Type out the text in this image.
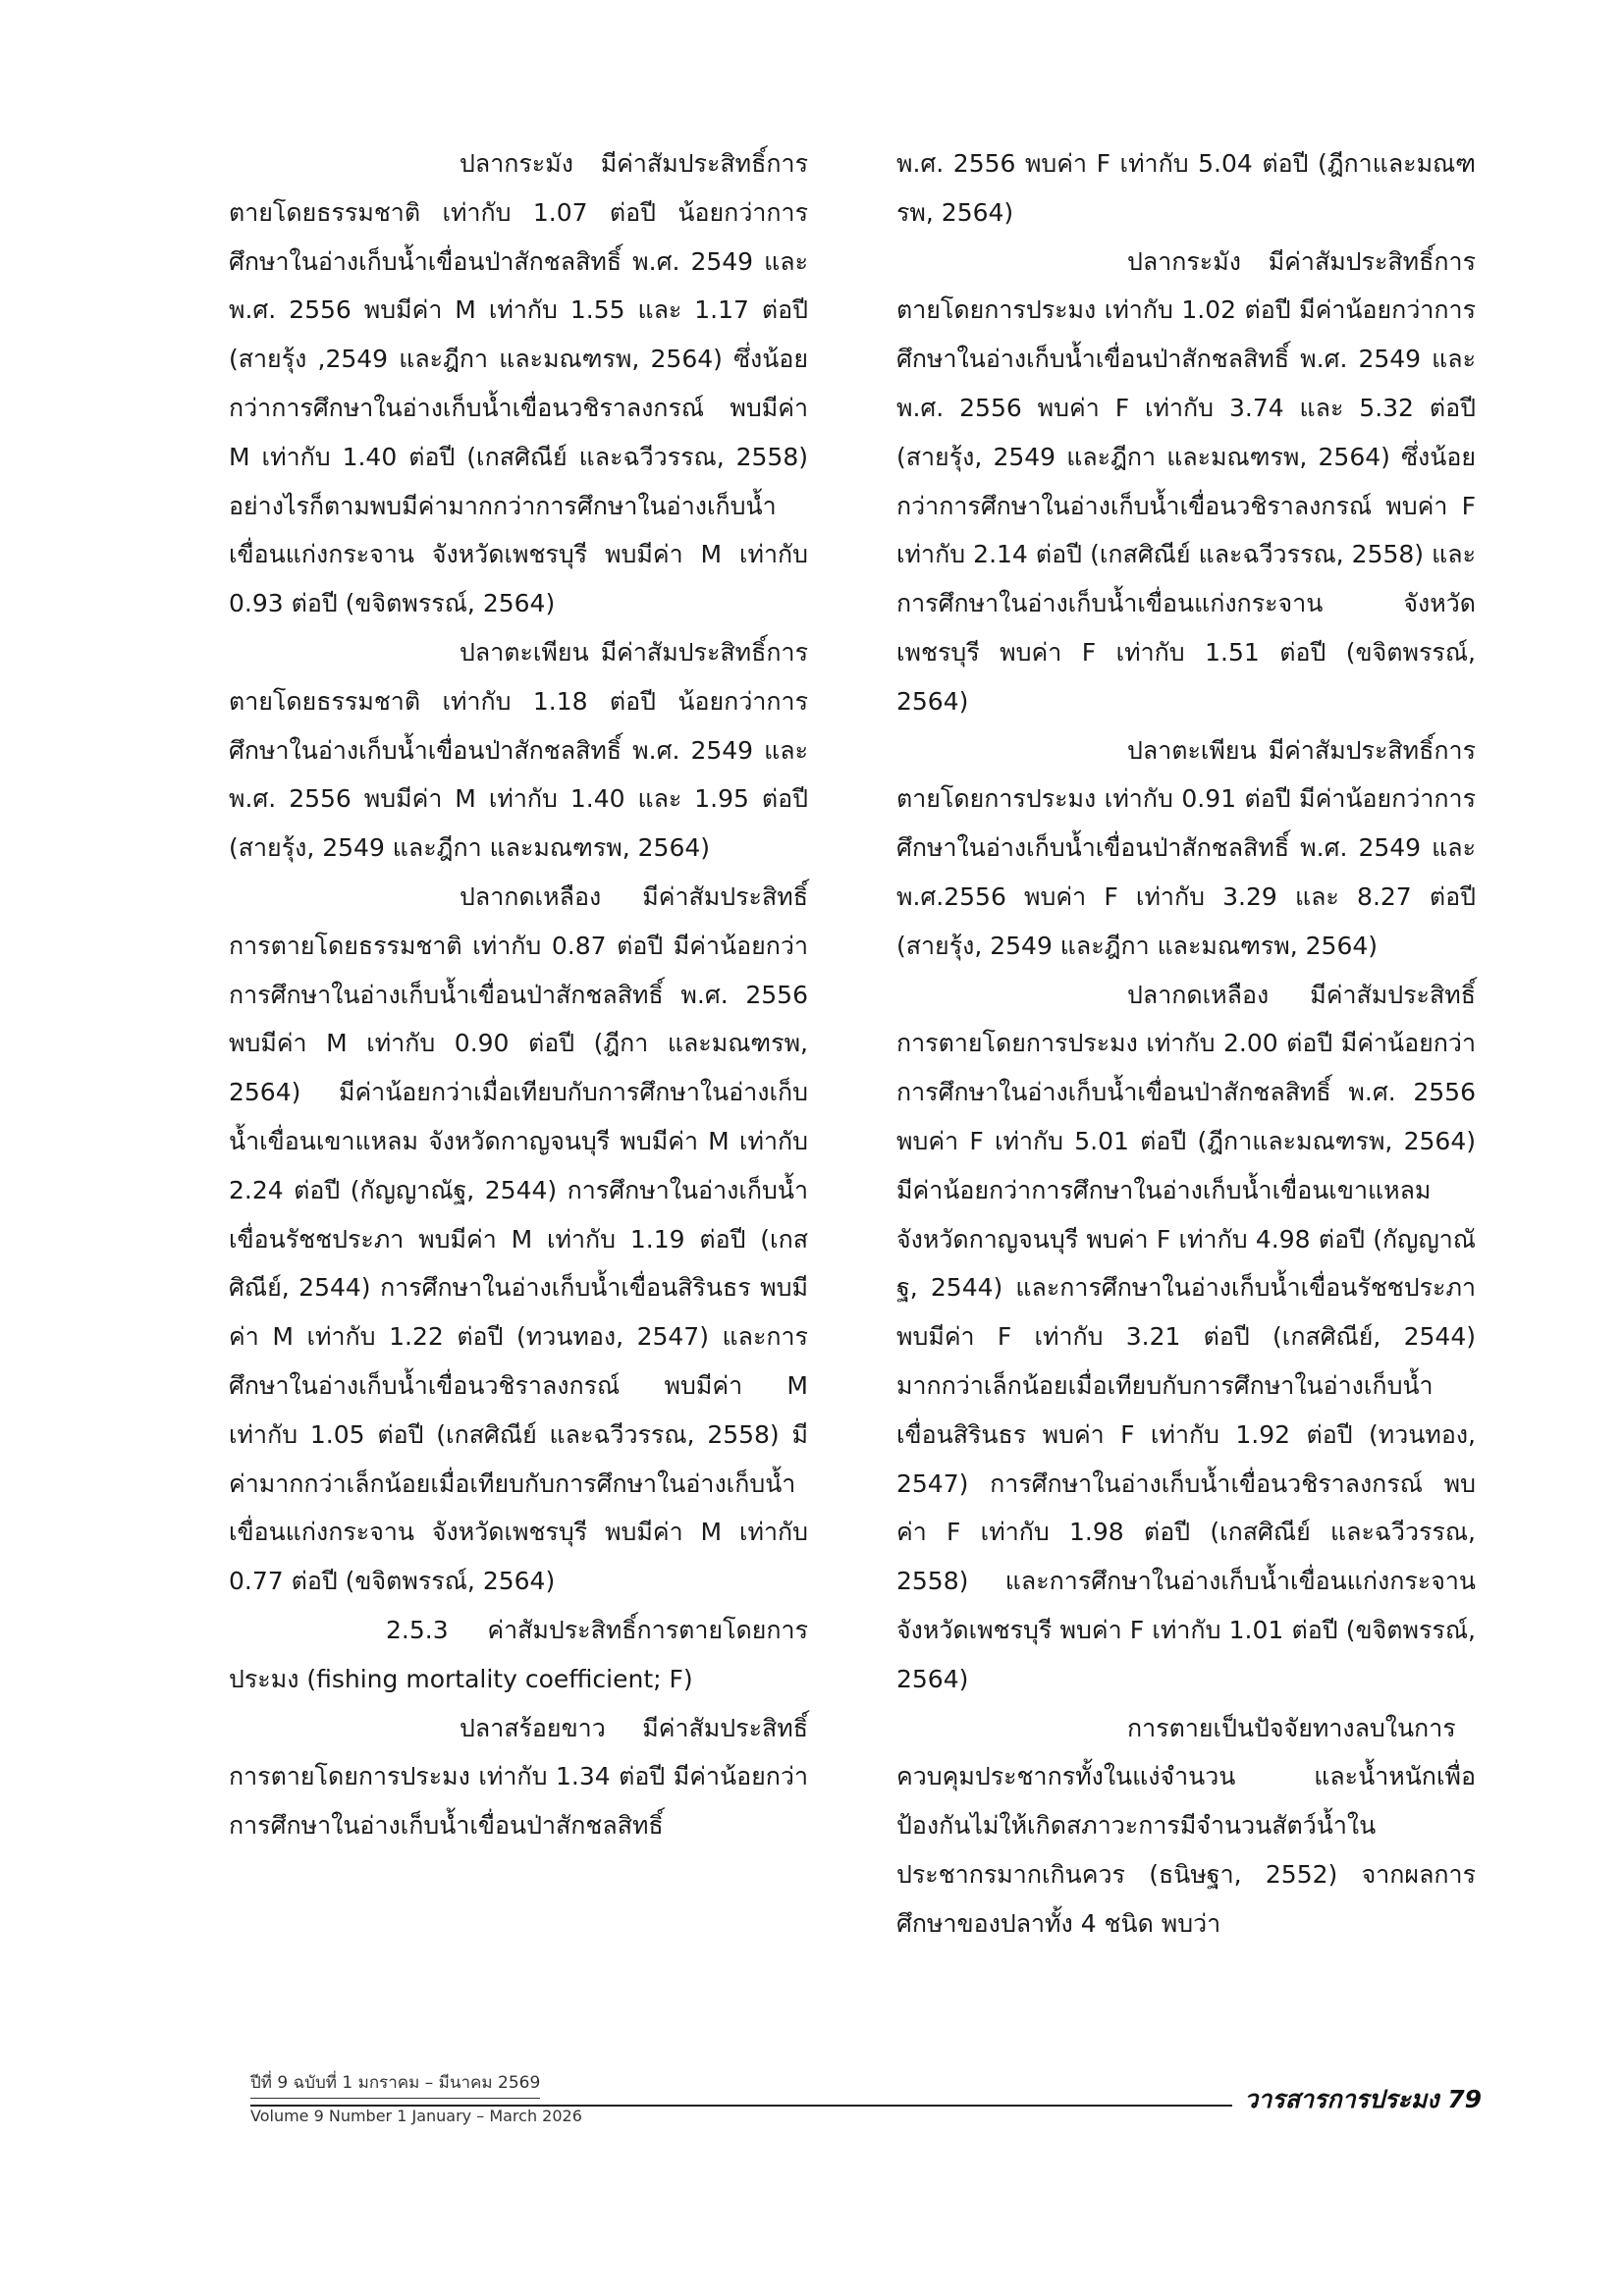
ปลากระมัง มีค่าสัมประสิทธิ์การตายโดยธรรมชาติ เท่ากับ 1.07 ต่อปี น้อยกว่าการศึกษาในอ่างเก็บน้ำเขื่อนป่าสักชลสิทธิ์ พ.ศ. 2549 และ พ.ศ. 2556 พบมีค่า M เท่ากับ 1.55 และ 1.17 ต่อปี (สายรุ้ง ,2549 และฎีกา และมณฑรพ, 2564) ซึ่งน้อยกว่าการศึกษาในอ่างเก็บน้ำเขื่อนวชิราลงกรณ์ พบมีค่า M เท่ากับ 1.40 ต่อปี (เกสศิณีย์ และฉวีวรรณ, 2558) อย่างไรก็ตามพบมีค่ามากกว่าการศึกษาในอ่างเก็บน้ำเขื่อนแก่งกระจาน จังหวัดเพชรบุรี พบมีค่า M เท่ากับ 0.93 ต่อปี (ขจิตพรรณ์, 2564)

ปลาตะเพียน มีค่าสัมประสิทธิ์การตายโดยธรรมชาติ เท่ากับ 1.18 ต่อปี น้อยกว่าการศึกษาในอ่างเก็บน้ำเขื่อนป่าสักชลสิทธิ์ พ.ศ. 2549 และ พ.ศ. 2556 พบมีค่า M เท่ากับ 1.40 และ 1.95 ต่อปี (สายรุ้ง, 2549 และฎีกา และมณฑรพ, 2564)

ปลากดเหลือง มีค่าสัมประสิทธิ์การตายโดยธรรมชาติ เท่ากับ 0.87 ต่อปี มีค่าน้อยกว่าการศึกษาในอ่างเก็บน้ำเขื่อนป่าสักชลสิทธิ์ พ.ศ. 2556 พบมีค่า M เท่ากับ 0.90 ต่อปี (ฎีกา และมณฑรพ, 2564) มีค่าน้อยกว่าเมื่อเทียบกับการศึกษาในอ่างเก็บน้ำเขื่อนเขาแหลม จังหวัดกาญจนบุรี พบมีค่า M เท่ากับ 2.24 ต่อปี (กัญญาณัฐ, 2544) การศึกษาในอ่างเก็บน้ำเขื่อนรัชชประภา พบมีค่า M เท่ากับ 1.19 ต่อปี (เกสศิณีย์, 2544) การศึกษาในอ่างเก็บน้ำเขื่อนสิรินธร พบมีค่า M เท่ากับ 1.22 ต่อปี (ทวนทอง, 2547) และการศึกษาในอ่างเก็บน้ำเขื่อนวชิราลงกรณ์ พบมีค่า M เท่ากับ 1.05 ต่อปี (เกสศิณีย์ และฉวีวรรณ, 2558) มีค่ามากกว่าเล็กน้อยเมื่อเทียบกับการศึกษาในอ่างเก็บน้ำเขื่อนแก่งกระจาน จังหวัดเพชรบุรี พบมีค่า M เท่ากับ 0.77 ต่อปี (ขจิตพรรณ์, 2564)

2.5.3 ค่าสัมประสิทธิ์การตายโดยการประมง (fishing mortality coefficient; F)

ปลาสร้อยขาว มีค่าสัมประสิทธิ์การตายโดยการประมง เท่ากับ 1.34 ต่อปี มีค่าน้อยกว่าการศึกษาในอ่างเก็บน้ำเขื่อนป่าสักชลสิทธิ์

พ.ศ. 2556 พบค่า F เท่ากับ 5.04 ต่อปี (ฎีกาและมณฑรพ, 2564)

ปลากระมัง มีค่าสัมประสิทธิ์การตายโดยการประมง เท่ากับ 1.02 ต่อปี มีค่าน้อยกว่าการศึกษาในอ่างเก็บน้ำเขื่อนป่าสักชลสิทธิ์ พ.ศ. 2549 และ พ.ศ. 2556 พบค่า F เท่ากับ 3.74 และ 5.32 ต่อปี (สายรุ้ง, 2549 และฎีกา และมณฑรพ, 2564) ซึ่งน้อยกว่าการศึกษาในอ่างเก็บน้ำเขื่อนวชิราลงกรณ์ พบค่า F เท่ากับ 2.14 ต่อปี (เกสศิณีย์ และฉวีวรรณ, 2558) และการศึกษาในอ่างเก็บน้ำเขื่อนแก่งกระจาน จังหวัดเพชรบุรี พบค่า F เท่ากับ 1.51 ต่อปี (ขจิตพรรณ์, 2564)

ปลาตะเพียน มีค่าสัมประสิทธิ์การตายโดยการประมง เท่ากับ 0.91 ต่อปี มีค่าน้อยกว่าการศึกษาในอ่างเก็บน้ำเขื่อนป่าสักชลสิทธิ์ พ.ศ. 2549 และ พ.ศ.2556 พบค่า F เท่ากับ 3.29 และ 8.27 ต่อปี (สายรุ้ง, 2549 และฎีกา และมณฑรพ, 2564)

ปลากดเหลือง มีค่าสัมประสิทธิ์การตายโดยการประมง เท่ากับ 2.00 ต่อปี มีค่าน้อยกว่าการศึกษาในอ่างเก็บน้ำเขื่อนป่าสักชลสิทธิ์ พ.ศ. 2556 พบค่า F เท่ากับ 5.01 ต่อปี (ฎีกาและมณฑรพ, 2564) มีค่าน้อยกว่าการศึกษาในอ่างเก็บน้ำเขื่อนเขาแหลม จังหวัดกาญจนบุรี พบค่า F เท่ากับ 4.98 ต่อปี (กัญญาณัฐ, 2544) และการศึกษาในอ่างเก็บน้ำเขื่อนรัชชประภา พบมีค่า F เท่ากับ 3.21 ต่อปี (เกสศิณีย์, 2544) มากกว่าเล็กน้อยเมื่อเทียบกับการศึกษาในอ่างเก็บน้ำเขื่อนสิรินธร พบค่า F เท่ากับ 1.92 ต่อปี (ทวนทอง, 2547) การศึกษาในอ่างเก็บน้ำเขื่อนวชิราลงกรณ์ พบค่า F เท่ากับ 1.98 ต่อปี (เกสศิณีย์ และฉวีวรรณ, 2558) และการศึกษาในอ่างเก็บน้ำเขื่อนแก่งกระจาน จังหวัดเพชรบุรี พบค่า F เท่ากับ 1.01 ต่อปี (ขจิตพรรณ์, 2564)

การตายเป็นปัจจัยทางลบในการควบคุมประชากรทั้งในแง่จำนวน และน้ำหนักเพื่อป้องกันไม่ให้เกิดสภาวะการมีจำนวนสัตว์น้ำในประชากรมากเกินควร (ธนิษฐา, 2552) จากผลการศึกษาของปลาทั้ง 4 ชนิด พบว่า

ปีที่ 9 ฉบับที่ 1 มกราคม – มีนาคม 2569
Volume 9 Number 1 January – March 2026
วารสารการประมง 79
